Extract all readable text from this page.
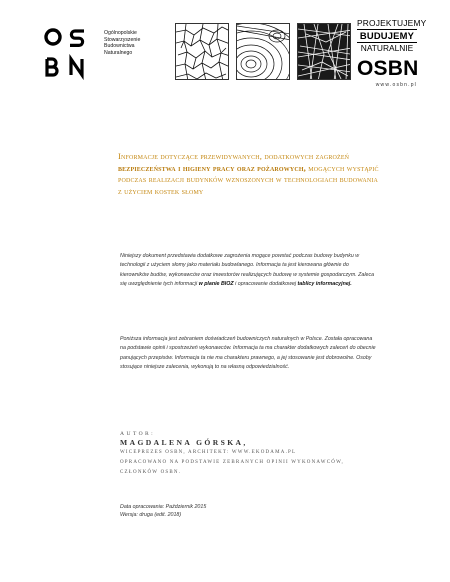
Ogólnopolskie
Stowarzyszenie
Budownictwa
Naturalnego
PROJEKTUJEMY
BUDUJEMY
NATURALNIE
OSBN
www.osbn.pl
Informacje dotyczące przewidywanych, dodatkowych zagrożeń bezpieczeństwa i higieny pracy oraz pożarowych, mogących wystąpić podczas realizacji budynków wznoszonych w technologiach budowania z użyciem kostek słomy
Niniejszy dokument przedstawia dodatkowe zagrożenia mogące powstać podczas budowy budynku w technologii z użyciem słomy jako materiału budowlanego. Informacja ta jest kierowana głównie do kierowników budów, wykonawców oraz inwestorów realizujących budowę w systemie gospodarczym. Zaleca się uwzględnienie tych informacji w planie BIOZ i opracowanie dodatkowej tablicy informacyjnej.
Poniższa informacja jest zebraniem doświadczeń budowniczych naturalnych w Polsce. Została opracowana na podstawie opinii i spostrzeżeń wykonawców. Informacja ta ma charakter dodatkowych zaleceń do obecnie panujących przepisów. Informacja ta nie ma charakteru prawnego, a jej stosowanie jest dobrowolne. Osoby stosujące niniejsze zalecenia, wykonują to na własną odpowiedzialność.
AUTOR:
MAGDALENA GÓRSKA,
WICEPREZES OSBN, ARCHITEKT: WWW.EKODAMA.PL
OPRACOWANO NA PODSTAWIE ZEBRANYCH OPINII WYKONAWCÓW,
CZŁONKÓW OSBN.
Data opracowania: Październik 2015
Wersja: druga (edit. 2018)
